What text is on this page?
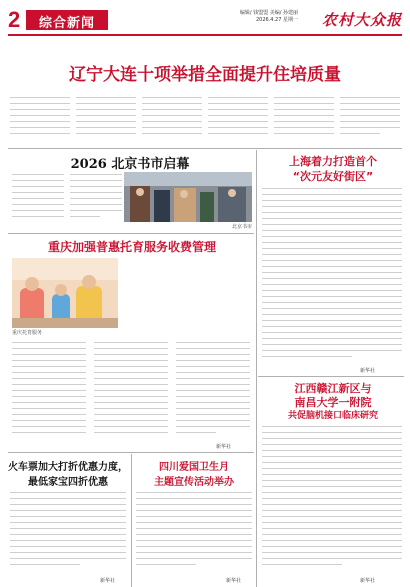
2	综合新闻
编辑/ 钱盟盟 美编/ 孙建丽
2026.4.27 星期一 农村大众报
辽宁大连十项举措全面提升住培质量
2026 北京书市启幕
北京书市
上海着力打造首个
“次元友好街区”
新华社
重庆加强普惠托育服务收费管理
重庆托育服务
新华社
江西赣江新区与
南昌大学一附院
共促脑机接口临床研究
新华社
火车票加大打折优惠力度，
最低家宝四折优惠
新华社
四川爱国卫生月
主题宣传活动举办
新华社
